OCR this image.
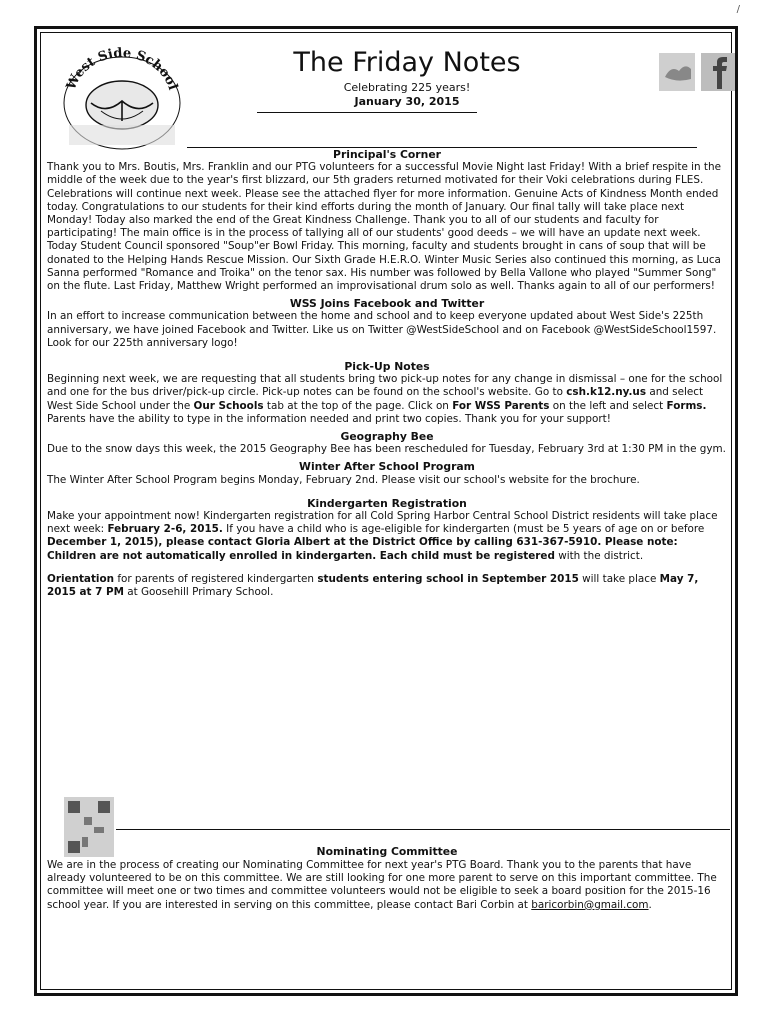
/
West Side School
The Friday Notes
Celebrating 225 years!
January 30, 2015
Principal's Corner

Thank you to Mrs. Boutis, Mrs. Franklin and our PTG volunteers for a successful Movie Night last Friday! With a brief respite in the middle of the week due to the year's first blizzard, our 5th graders returned motivated for their Voki celebrations during FLES. Celebrations will continue next week. Please see the attached flyer for more information. Genuine Acts of Kindness Month ended today. Congratulations to our students for their kind efforts during the month of January. Our final tally will take place next Monday! Today also marked the end of the Great Kindness Challenge. Thank you to all of our students and faculty for participating! The main office is in the process of tallying all of our students' good deeds – we will have an update next week. Today Student Council sponsored "Soup"er Bowl Friday. This morning, faculty and students brought in cans of soup that will be donated to the Helping Hands Rescue Mission. Our Sixth Grade H.E.R.O. Winter Music Series also continued this morning, as Luca Sanna performed "Romance and Troika" on the tenor sax. His number was followed by Bella Vallone who played "Summer Song" on the flute. Last Friday, Matthew Wright performed an improvisational drum solo as well. Thanks again to all of our performers!

WSS Joins Facebook and Twitter

In an effort to increase communication between the home and school and to keep everyone updated about West Side's 225th anniversary, we have joined Facebook and Twitter. Like us on Twitter @WestSideSchool and on Facebook @WestSideSchool1597. Look for our 225th anniversary logo!

Pick-Up Notes

Beginning next week, we are requesting that all students bring two pick-up notes for any change in dismissal – one for the school and one for the bus driver/pick-up circle. Pick-up notes can be found on the school's website. Go to csh.k12.ny.us and select West Side School under the Our Schools tab at the top of the page. Click on For WSS Parents on the left and select Forms. Parents have the ability to type in the information needed and print two copies. Thank you for your support!

Geography Bee

Due to the snow days this week, the 2015 Geography Bee has been rescheduled for Tuesday, February 3rd at 1:30 PM in the gym.

Winter After School Program

The Winter After School Program begins Monday, February 2nd. Please visit our school's website for the brochure.

Kindergarten Registration

Make your appointment now! Kindergarten registration for all Cold Spring Harbor Central School District residents will take place next week: February 2-6, 2015. If you have a child who is age-eligible for kindergarten (must be 5 years of age on or before December 1, 2015), please contact Gloria Albert at the District Office by calling 631-367-5910. Please note: Children are not automatically enrolled in kindergarten. Each child must be registered with the district.

Orientation for parents of registered kindergarten students entering school in September 2015 will take place May 7, 2015 at 7 PM at Goosehill Primary School.

Nominating Committee
We are in the process of creating our Nominating Committee for next year's PTG Board. Thank you to the parents that have already volunteered to be on this committee. We are still looking for one more parent to serve on this important committee. The committee will meet one or two times and committee volunteers would not be eligible to seek a board position for the 2015-16 school year. If you are interested in serving on this committee, please contact Bari Corbin at baricorbin@gmail.com.
